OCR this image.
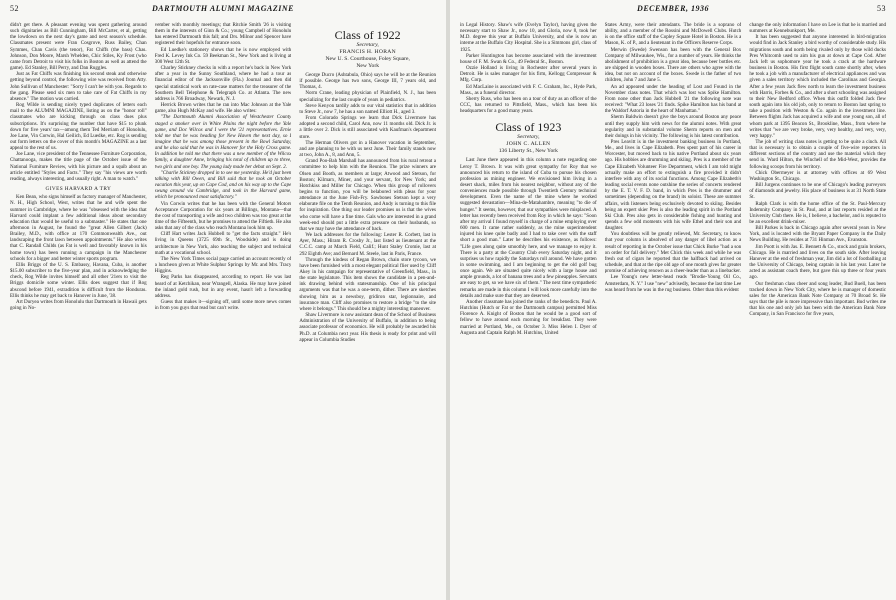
52	DARTMOUTH ALUMNI MAGAZINE

didn't get there. A pleasant evening was spent gathering around such dignitaries as Bill Cunningham, Bill McCarter, et al, getting the lowdown on the next day's game and next season's schedule. Classmates present were Fran Cosgrove, Russ Bailey, Chan Symmes, Chan Cavis (the tenor), Fat Chiffs (the bass) Chas. Johnson, Don Moore, Marsh Whelden, Chic Stiles, Ky Frost (who came from Detroit to visit his folks in Boston as well as attend the game). Ed Stanley, Bill Perry, and Dan Ruggles.

Just as Fat Chiffs was finishing his second steak and otherwise getting beyond control, the following wire was received from Atty. John Sullivan of Manchester: "Sorry I can't be with you. Regards to the gang. Please send six men to take care of Fat Chiffs in my absence." The motion was carried.

Rog Wilde is sending nicely typed duplicates of letters each mail to the ALUMNI MAGAZINE, listing as on the "honor roll" classmates who are kicking through on class dues plus subscriptions. It's surprising the number that have $15 to plunk down for five years' tax—among them Ted Merriam of Honolulu, Joe Lane, Vin Corwin, Hal Geilich, Ed Luedke, etc. Rog is sending out form letters on the cover of this month's MAGAZINE as a last appeal to the rest of us.

Joe Lane, vice president of the Tennessee Furniture Corporation, Chattanooga, makes the title page of the October issue of the National Furniture Review, with his picture and a squib about an article entitled "Styles and Facts." They say "his views are worth reading, always interesting, and usually right. A man to watch."

GIVES HARVARD A TRY

Ken Bean, who signs himself as factory manager of Manchester, N. H., High School, West, writes that he and wife spent the summer in Cambridge, where he was "obsessed with the idea that Harvard could implant a few additional ideas about secondary education that would be useful to a submaster." He states that one afternoon in August, he found the "great Allen Gilbert (Jack) Brailey, M.D., with office at 170 Commonwealth Ave., out landscaping the front lawn between appointments." He also writes that C. Randall Childs (as Fat is well and favorably known in his home town) has been running a campaign in the Manchester schools for a bigger and better winter sports program.

Ellis Briggs of the U. S. Embassy, Havana, Cuba, is another $15.00 subscriber to the five-year plan, and in acknowledging the check, Rog Wilde invites himself and all other '21ers to visit the Briggs domicile some winter. Ellis does suggest that if Rog abscond before 1941, extradition is difficult from the Honduras. Ellis thinks he may get back to Hanover in June, '38.

Art Duryea writes from Honolulu that Dartmouth in Hawaii gets going in No-

vember with monthly meetings; that Ritchie Smith '26 is visiting them in the interests of Ginn & Co.; young Campbell of Honolulu has entered Dartmouth this fall; and Drs. Milnor and Spencer have registered their hopefuls for entrance soon.

Ed Luedke's stationery shows that he is now employed with Fred K. Levey Ink Co. 59 Beekman St., New York and is living at 300 West 12th St.

Charley Stickney checks in with a report he's back in New York after a year in the Sunny Southland, where he had a tour as financial editor of the Jacksonville (Fla.) Journal and then did special statistical work on rate-case matters for the treasurer of the Southern Bell Telephone & Telegraph Co. at Atlanta. The new address is 766 Broadway, Newark, N. J.

Herrick Brown writes that he ran into Mac Johnson at the Yale game, also Hugh McKay and wife. He also writes:

"The Dartmouth Alumni Association of Westchester County staged a smoker over in White Plains the night before the Yale game, and Doc Wilcox and I were the '21 representatives. Ernie told me that he was heading for New Haven the next day, so I imagine that he was among those present in the Bowl Saturday, and he also said that he was in Hanover for the Holy Cross game. In addition he told me that there was a new member of the Wilcox family, a daughter Anne, bringing his total of children up to three, two girls and one boy. The young lady made her debut on Sept. 2.

"Charlie Stickney dropped in to see me yesterday. He'd just been talking with Bill Owen, and Bill said that he took an October vacation this year, up on Cape Cod, and on his way up to the Cape swung around via Cambridge, and took in the Harvard game, which he pronounced most satisfactory."

Vin Corwin writes that he has been with the General Motors Acceptance Corporation for six years at Billings, Montana—that the cost of transporting a wife and two children was too great at the time of the Fifteenth, but he promises to attend the Fiftieth. He also asks that any of the class who reach Montana look him up.

Cliff Hart writes Jack Hubbell to "get the facts straight." He's living in Queens (3725 69th St., Woodside) and is doing architecture in New York, also teaching the subject and technical math at a vocational school.

The New York Times social page carried an account recently of a luncheon given at White Sulphur Springs by Mr. and Mrs. Tracy Higgins.

Reg Parks has disappeared, according to report. He was last heard of at Ketchikan, near Wrangell, Alaska. He may have joined the inland gold rush, but in any event, hasn't left a forwarding address.

Guess that makes it—signing off, until some more news comes in from you guys that read but can't write.

Class of 1922
Secretary,
FRANCIS H. HORAN
New U. S. Courthouse, Foley Square,
New York

George Ducro (Ashtabula, Ohio) says he will be at the Reunion if possible. George has two sons, George III, 7 years old, and Thomas, 4.

Norm Crane, leading physician of Plainfield, N. J., has been specializing for the last couple of years in pediatrics.

Steve Kenyon tardily adds to our vital statistics that in addition to Steve Jr., now 7, he has a son named Elliott H., aged 3.

From Colorado Springs we learn that Dick Livermore has adopted a second child, Carol Ann, now 11 months old. Dick Jr. is a little over 2. Dick is still associated with Kaufman's department store.

The Herman Olivers got in a Hanover vacation in September, and are planning to be with us next June. Their family stands now at two, John A., 8, and Ann, 5.

Grand Poo-Bah Marshall has announced from his rural retreat a committee to help him with the Reunion. The prize winners are Olsen and Booth, as members at large; Atwood and Stetson, for Boston; Kilmarx, Miner, and your servant, for New York; and Hotchkiss and Miller for Chicago. When this group of rollovers begins to function, you will be belabored with pleas for your attendance at the June Fish-Fry. Sawbones Stetson kept a very elaborate file on the Tenth Reunion, and Andy is turning to this file for inspiration. One thing our leader promises us is that the wives who come will have a fine time. Gals who are interested in a grand week-end should put a little extra pressure on their husbands, so that we may have the attendance of back.

We lack addresses for the following: Lester R. Corbett, last in Ayer, Mass.; Hiram R. Crosby Jr., last listed as lieutenant at the C.C.C. camp at March Field, Calif.; Hunt Staley Cromie, last at 292 Eighth Ave; and Bernard M. Steele, last in Paris, France.

Through the kindess of Regan Brown, chain store tycoon, we have been furnished with a most elegant political flier used by Cliff Akey in his campaign for representative of Greenfield, Mass., in the state legislature. This item shows the candidate in a pen-and-ink drawing behind with statesmanship. One of his principal arguments was that he was a one-term, dither. There are sketches showing him as a newsboy, gridiron star, legionnaire, and insurance man. Cliff also promises to restore a bridge "to the site where it belongs." This should be a mighty interesting maneuver.

Shaw Livermore is now assistant dean of the School of Business Administration of the University of Buffalo, in addition to being associate professor of economics. He will probably be awarded his Ph.D. at Columbia next year. His thesis is ready for print and will appear in Columbia Studies

DECEMBER, 1936	53

in Legal History. Shaw's wife (Evelyn Taylor), having given the necessary start to Shaw Jr., now 10, and Gloria, now 8, took her M.D. degree this year at Buffalo University, and she is now an interne at the Buffalo City Hospital. She is a Simmons girl, class of 1925.

Parker Huntington has become associated with the investment house of F. M. Swan & Co., 49 Federal St., Boston.

Ozzie Holland is living in Rochester after several years in Detroit. He is sales manager for his firm, Kellogg Compressor & Mfg. Corp.

Ed MacLaine is associated with F. C. Graham, Inc., Hyde Park, Mass., as a funeral director.

Sherry Russ, who has been on a tour of duty as an officer of the CCC, has returned to Pittsfield, Mass., which has been his headquarters for a good many years.

Class of 1923
Secretary,
JOHN C. ALLEN
136 Liberty St., New York

Last June there appeared in this column a note regarding one Leroy T. Brown. It was with great sympathy for Roy that we announced his return to the island of Cuba to pursue his chosen profession as mining engineer. We envisioned him living in a desert shack, miles from his nearest neighbor, without any of the conveniences made possible through Twentieth Century technical development. Even the name of the mine where he worked suggested devastation—Mina-de-Matahambre, meaning "to die of hunger." It seems, however, that our sympathies were misplaced. A letter has recently been received from Roy in which he says: "Soon after my arrival I found myself in charge of a mine employing over 600 men. It came rather suddenly, as the mine superintendent injured his knee quite badly and I had to take over with the staff short a good man." Later he describes his existence, as follows: "Life goes along quite smoothly here, and we manage to enjoy it. There is a party at the Country Club every Saturday night, and it surprises us how rapidly the Saturdays roll around. We have gotten in some swimming, and I am beginning to get the old golf bug once again. We are situated quite nicely with a large house and ample grounds, a lot of banana trees and a few pineapples. Servants are easy to get, so we have six of them." The next time sympathetic remarks are made in this column I will look more carefully into the details and make sure that they are deserved.

Another classmate has joined the ranks of the benedicts. Paul A. Hutchins (Hutch or Fat or the Dartmouth campus) permitted Miss Florence A. Knight of Boston that he would be a good sort of fellow to have around each morning for breakfast. They were married at Portland, Me., on October 3. Miss Helen I. Dyer of Augusta and Captain Ralph M. Hutchins, United

States Army, were their attendants. The bride is a soprano of ability, and a member of the Rossini and McDowell Clubs. Hutch is on the office staff of the Copley Square Hotel in Boston. He is a Mason, K. of P., and a lieutenant in the Officers Reserve Corps.

Merwin (Swede) Swenson has been with the General Box Company of Milwaukee, Wis., for a number of years. He thinks the abolishment of prohibition is a great idea, because beer bottles etc. are shipped in wooden boxes. There are others who agree with the idea, but not on account of the boxes. Swede is the father of two children, John 7 and Jane 5.

An ad appeared under the heading of Lost and Found in the November class notes. That which was lost was Spike Hamilton. From none other than Jack Hubbell '21 the following note was received: "What 23 loses '21 finds. Spike Hamilton has his band at the Waldorf Astoria in the heart of Manhattan."

Sherm Baldwin doesn't give the boys around Boston any peace until they supply him with news for the alumni notes. With great regularity and in substantial volume Sherm reports on men and their doings in his vicinity. The following is his latest contribution.

Pres Leavitt is in the investment banking business in Portland, Me., and lives in Cape Elizabeth. Pres spent part of his career in Worcester, but moved back to his native Portland about six years ago. His hobbies are drumming and skiing. Pres is a member of the Cape Elizabeth Volunteer Fire Department, which I am told might actually make an effort to extinguish a fire provided it didn't interfere with any of its social functions. Among Cape Elizabeth's leading social events none outshine the series of concerts rendered by the E. T. V. F. D. band, in which Pres is the drummer and sometimes (depending on the brand) its soloist. These are summer affairs, with listeners being exclusively devoted to skiing. Besides being an expert skier Pres is also the leading spirit in the Portland Ski Club. Pres also gets in considerable fishing and hunting and spends a few odd moments with his wife Ethel and their son and daughter.

You doubtless will be greatly relieved, Mr. Secretary, to know that your column is absolved of any danger of libel action as a result of reporting in the October issue that Chick Burke "had a son on order for fall delivery." Met Chick this week and while he was fresh out of cigars he reported that the halfback had arrived on schedule, and that at the ripe old age of one month gives far greater promise of achieving renown as a cheer-leader than as a linebacker.

Lee Young's new letter-head reads "Brodie-Young Oil Co., Amsterdam, N. Y." I use "new" advisedly, because the last time Lee was heard from he was in the rug business. Other than this evident

change the only information I have on Lee is that he is married and summers at Kennebunkport, Me.

It has been suggested that anyone interested in bird-migration would find in Jack Stanley a bird worthy of considerable study. His migrations south and north being rivaled only by those wild ducks Pres Whitcomb used to aim his gun at down at Cape Cod. After Jack left us sophomore year he took a crack at the hardware business in Boston. His first flight south came shortly after, when he took a job with a manufacturer of electrical appliances and was given a sales territory which included the Carolinas and Georgia. After a few years Jack flew north to learn the investment business with Harris, Forbes & Co., and after a short schooling was assigned to their New Bedford office. When this outfit folded Jack flew south again into his old job, only to return to Boston last spring to take a position with Weston & Co. again in the investment line. Between flights Jack has acquired a wife and one young son, all of whom park at 1395 Beacon St., Brookline, Mass., from where he writes that "we are very broke, very, very healthy, and very, very, very happy."

The job of writing class notes is getting to be quite a cinch. All that is necessary is to obtain a couple of five-wire reporters in different sections of the country and use the material which they send in. Ward Hilton, the Winchell of the Mid-West, provides the following scoops from his territory.

Chick Obermeyer is at attorney with offices at 69 West Washington St., Chicago.

Bill Jurgens continues to be one of Chicago's leading purveyors of diamonds and jewelry. His place of business is at 31 North State St.

Ralph Clark is with the home office of the St. Paul-Mercury Indemnity Company in St. Paul, and at last reports resided at the University Club there. He is, I believe, a bachelor, and is reputed to be an excellent drink-mixer.

Bill Parkes is back in Chicago again after several years in New York, and is located with the Bryant Paper Company in the Daily News Building. He resides at 731 Hinman Ave., Evanston.

Jim Poott is with Jas. E. Bennett & Co., stock and grain brokers, Chicago. He is married and lives on the south side. After leaving Hanover at the end of freshman year, Jim did a lot of footballing at the University of Chicago, being captain in his last year. Later he acted as assistant coach there, but gave this up three or four years ago.

Our freshman class cheer and song leader, Bud Buell, has been tracked down in New York City, where he is manager of domestic sales for the American Bank Note Company at 70 Broad St. He says that the pile is more impressive than important. Bud writes me that his one and only job has been with the American Bank Note Company, in San Francisco for five years,
